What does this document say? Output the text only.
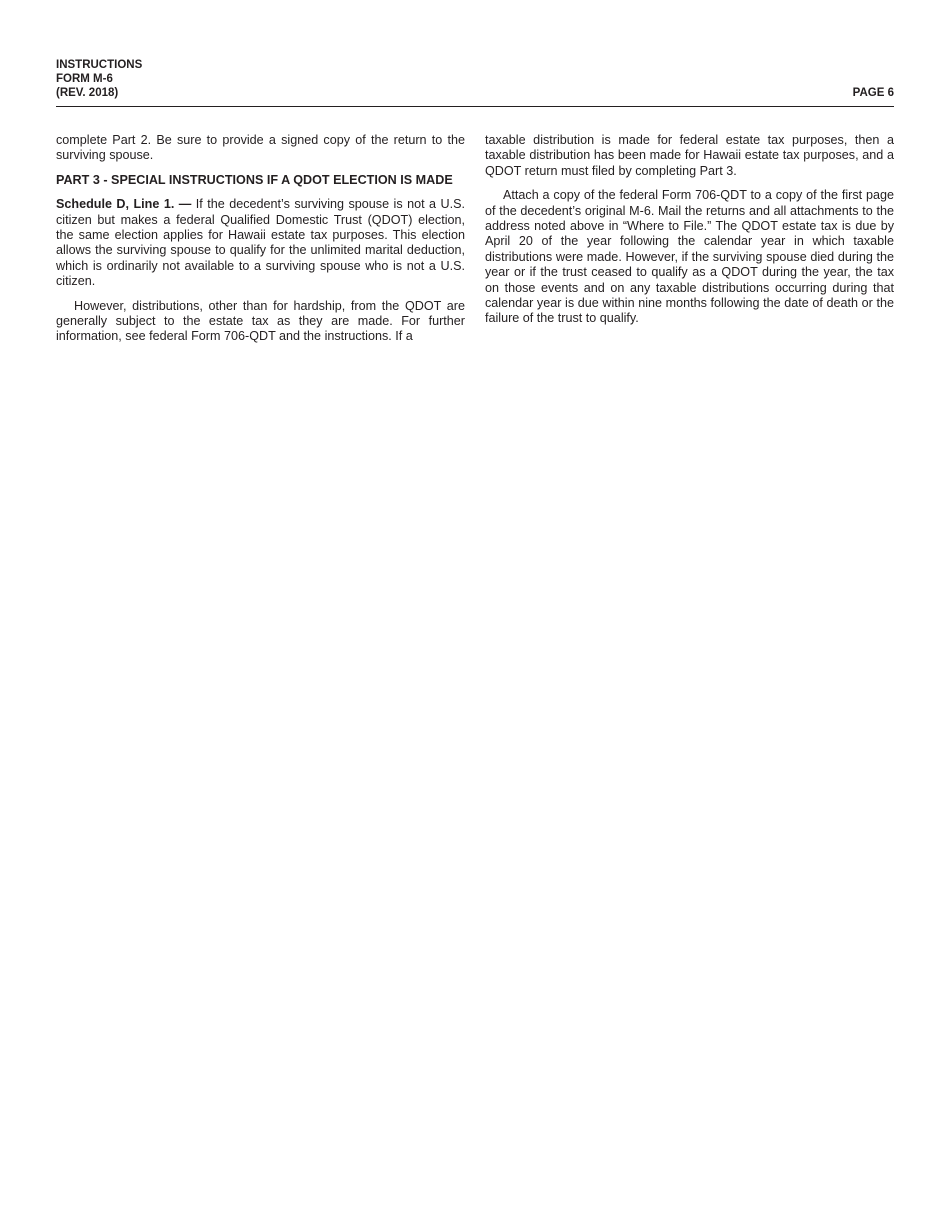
INSTRUCTIONS
FORM M-6
(REV. 2018)	PAGE 6

complete Part 2. Be sure to provide a signed copy of the return to the surviving spouse.

PART 3 - SPECIAL INSTRUCTIONS IF A QDOT ELECTION IS MADE

Schedule D, Line 1. — If the decedent’s surviving spouse is not a U.S. citizen but makes a federal Qualified Domestic Trust (QDOT) election, the same election applies for Hawaii estate tax purposes. This election allows the surviving spouse to qualify for the unlimited marital deduction, which is ordinarily not available to a surviving spouse who is not a U.S. citizen.

However, distributions, other than for hardship, from the QDOT are generally subject to the estate tax as they are made. For further information, see federal Form 706-QDT and the instructions. If a

taxable distribution is made for federal estate tax purposes, then a taxable distribution has been made for Hawaii estate tax purposes, and a QDOT return must filed by completing Part 3.

Attach a copy of the federal Form 706-QDT to a copy of the first page of the decedent’s original M-6. Mail the returns and all attachments to the address noted above in “Where to File.” The QDOT estate tax is due by April 20 of the year following the calendar year in which taxable distributions were made. However, if the surviving spouse died during the year or if the trust ceased to qualify as a QDOT during the year, the tax on those events and on any taxable distributions occurring during that calendar year is due within nine months following the date of death or the failure of the trust to qualify.
